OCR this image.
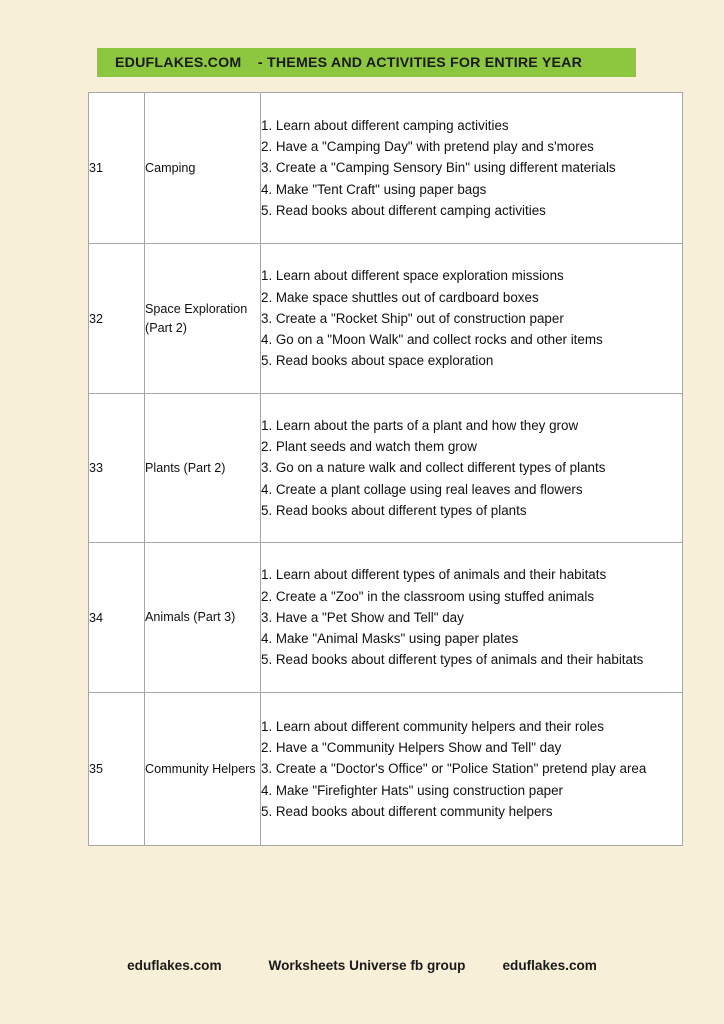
EDUFLAKES.COM    - THEMES AND ACTIVITIES FOR ENTIRE YEAR
31	Camping	1. Learn about different camping activities
2. Have a "Camping Day" with pretend play and s'mores
3. Create a "Camping Sensory Bin" using different materials
4. Make "Tent Craft" using paper bags
5. Read books about different camping activities

32	Space Exploration (Part 2)	1. Learn about different space exploration missions
2. Make space shuttles out of cardboard boxes
3. Create a "Rocket Ship" out of construction paper
4. Go on a "Moon Walk" and collect rocks and other items
5. Read books about space exploration

33	Plants (Part 2)	1. Learn about the parts of a plant and how they grow
2. Plant seeds and watch them grow
3. Go on a nature walk and collect different types of plants
4. Create a plant collage using real leaves and flowers
5. Read books about different types of plants

34	Animals (Part 3)	1. Learn about different types of animals and their habitats
2. Create a "Zoo" in the classroom using stuffed animals
3. Have a "Pet Show and Tell" day
4. Make "Animal Masks" using paper plates
5. Read books about different types of animals and their habitats

35	Community Helpers	1. Learn about different community helpers and their roles
2. Have a "Community Helpers Show and Tell" day
3. Create a "Doctor's Office" or "Police Station" pretend play area
4. Make "Firefighter Hats" using construction paper
5. Read books about different community helpers
eduflakes.com	Worksheets Universe fb group	eduflakes.com
